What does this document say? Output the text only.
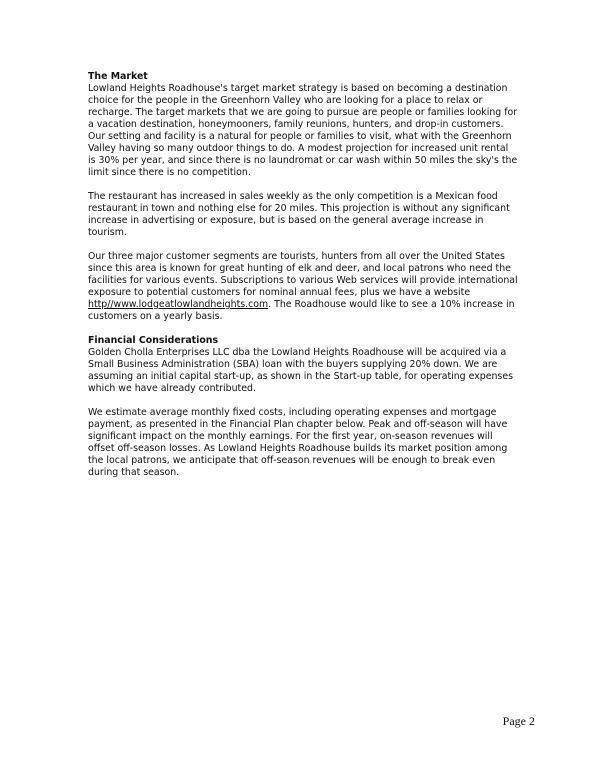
The Market

Lowland Heights Roadhouse's target market strategy is based on becoming a destination choice for the people in the Greenhorn Valley who are looking for a place to relax or recharge. The target markets that we are going to pursue are people or families looking for a vacation destination, honeymooners, family reunions, hunters, and drop-in customers. Our setting and facility is a natural for people or families to visit, what with the Greenhorn Valley having so many outdoor things to do. A modest projection for increased unit rental is 30% per year, and since there is no laundromat or car wash within 50 miles the sky's the limit since there is no competition.

The restaurant has increased in sales weekly as the only competition is a Mexican food restaurant in town and nothing else for 20 miles. This projection is without any significant increase in advertising or exposure, but is based on the general average increase in tourism.

Our three major customer segments are tourists, hunters from all over the United States since this area is known for great hunting of elk and deer, and local patrons who need the facilities for various events. Subscriptions to various Web services will provide international exposure to potential customers for nominal annual fees, plus we have a website http//www.lodgeatlowlandheights.com. The Roadhouse would like to see a 10% increase in customers on a yearly basis.

Financial Considerations

Golden Cholla Enterprises LLC dba the Lowland Heights Roadhouse will be acquired via a Small Business Administration (SBA) loan with the buyers supplying 20% down. We are assuming an initial capital start-up, as shown in the Start-up table, for operating expenses which we have already contributed.

We estimate average monthly fixed costs, including operating expenses and mortgage payment, as presented in the Financial Plan chapter below. Peak and off-season will have significant impact on the monthly earnings. For the first year, on-season revenues will offset off-season losses. As Lowland Heights Roadhouse builds its market position among the local patrons, we anticipate that off-season revenues will be enough to break even during that season.

Page 2
